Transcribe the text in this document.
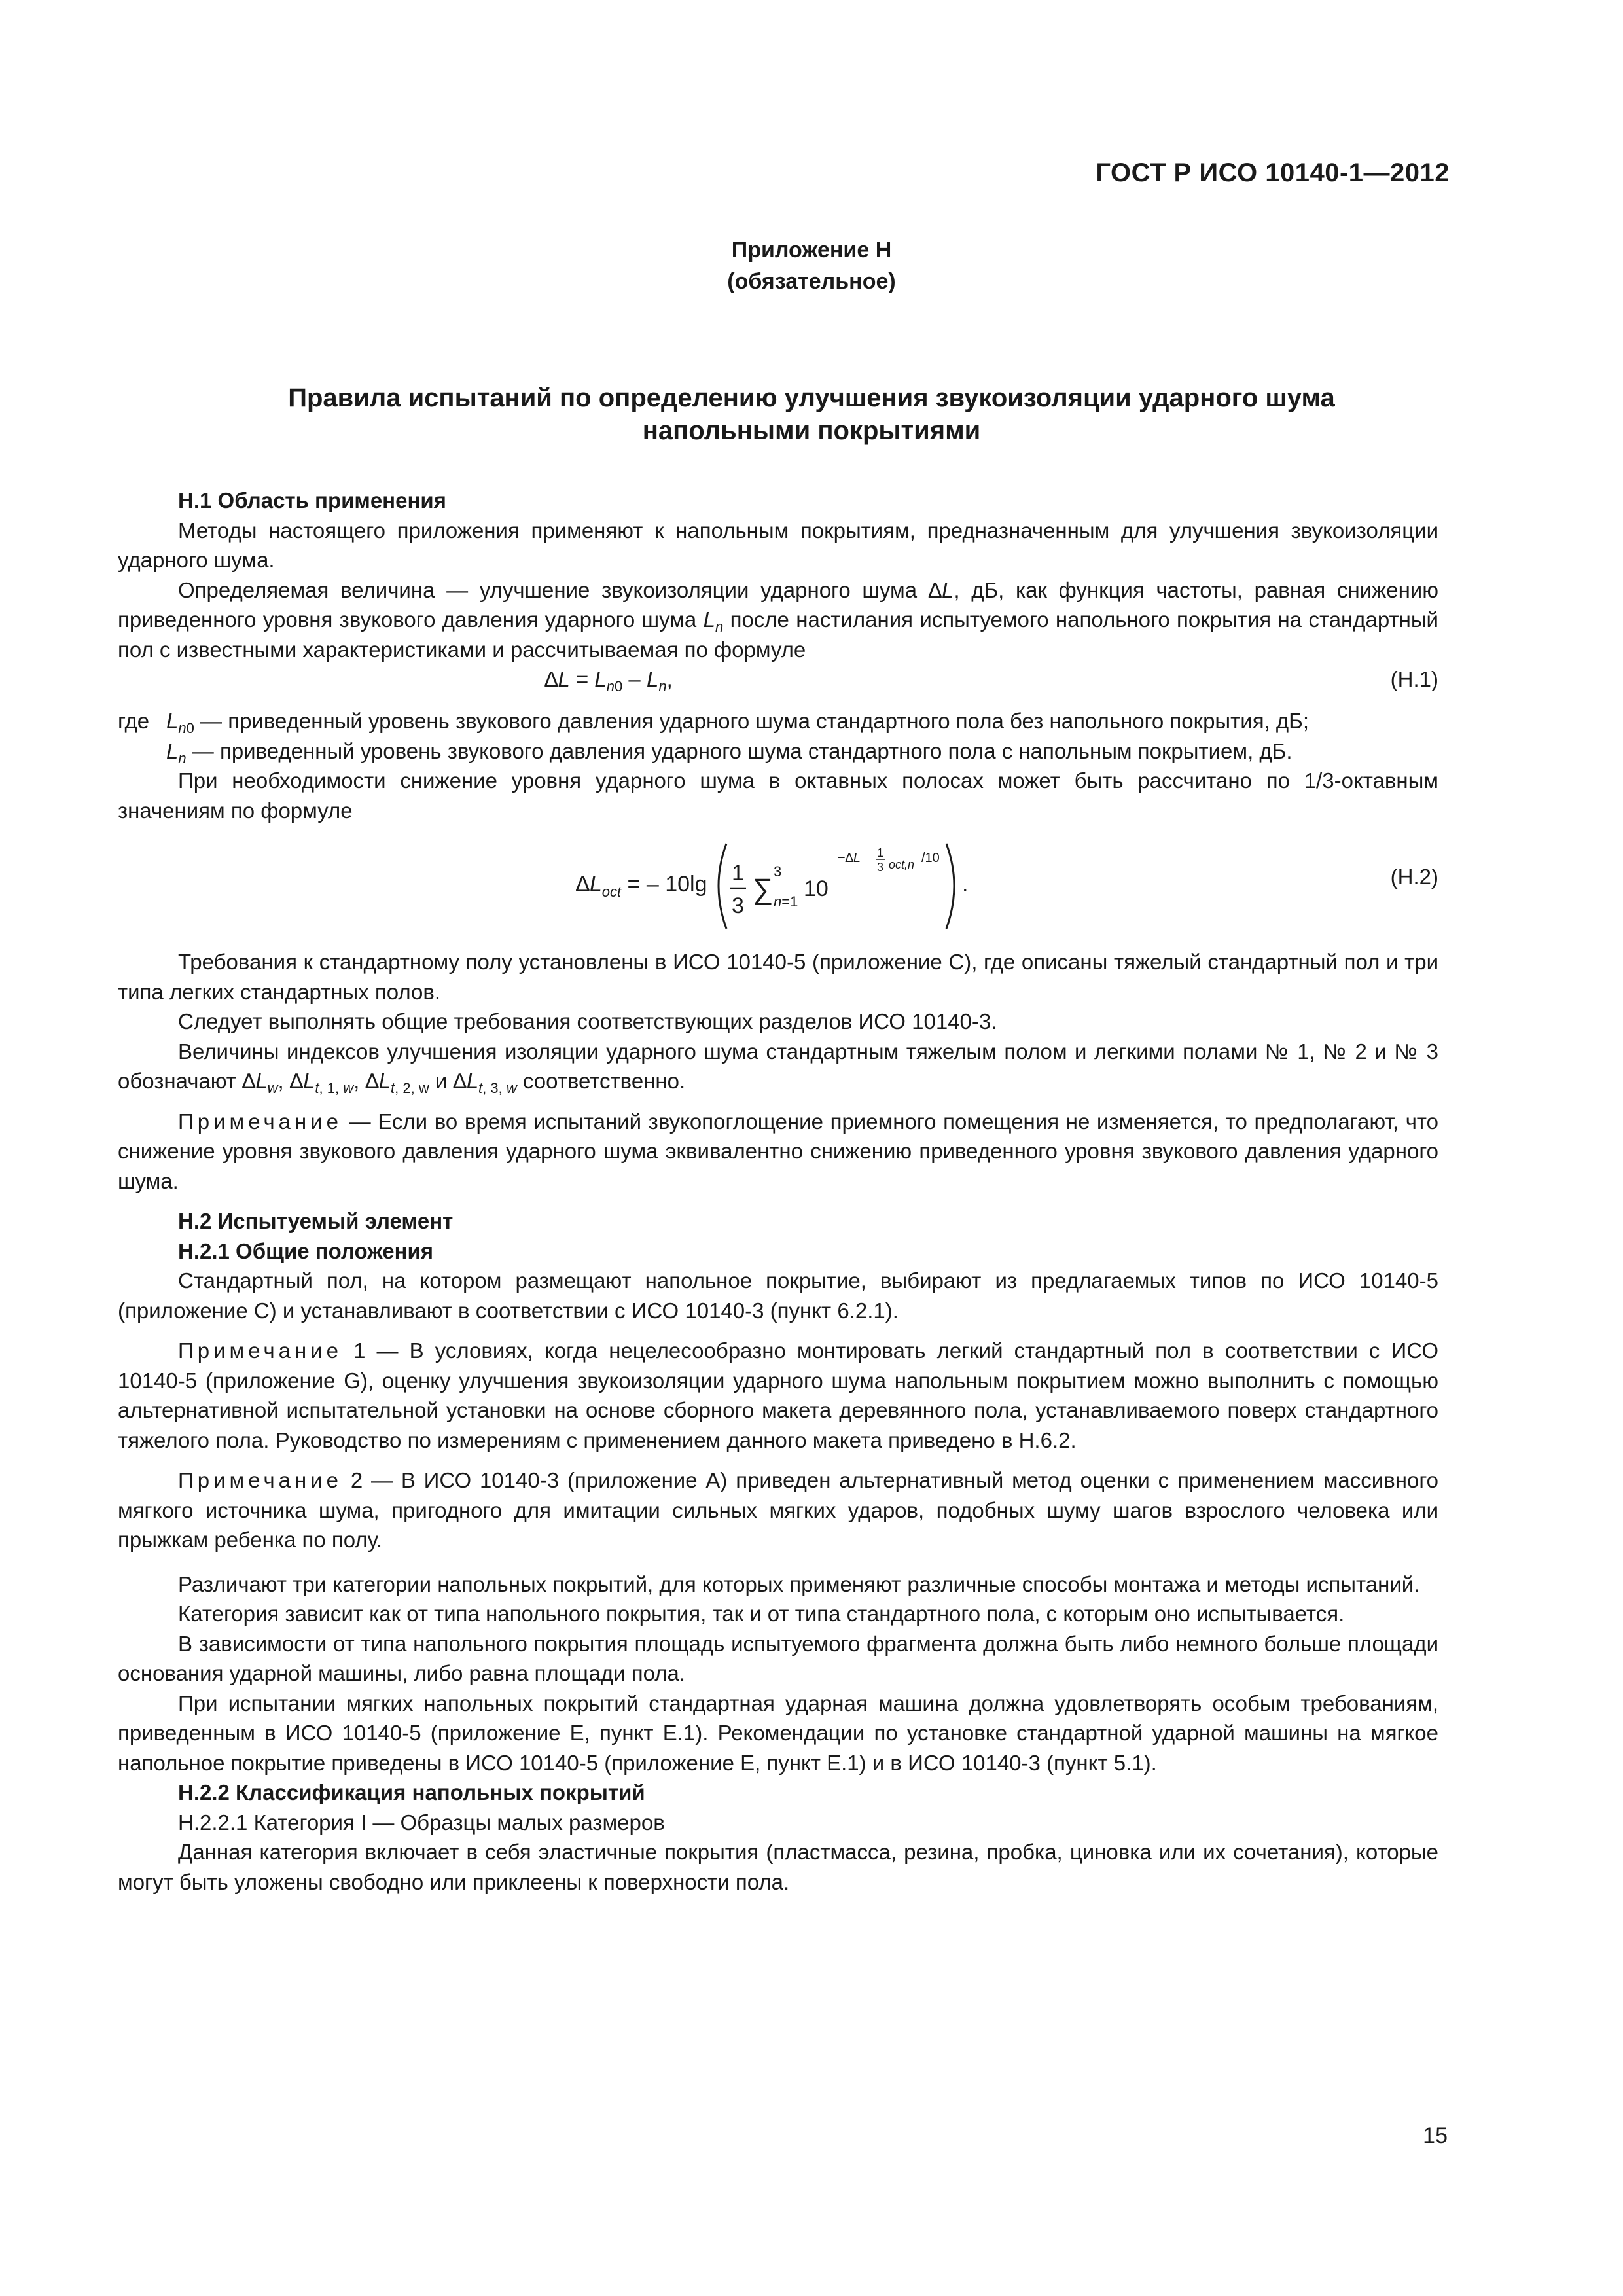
ГОСТ Р ИСО 10140-1—2012
Приложение Н
(обязательное)
Правила испытаний по определению улучшения звукоизоляции ударного шума
напольными покрытиями
Н.1 Область применения

Методы настоящего приложения применяют к напольным покрытиям, предназначенным для улучшения звукоизоляции ударного шума.

Определяемая величина — улучшение звукоизоляции ударного шума ∆L, дБ, как функция частоты, равная снижению приведенного уровня звукового давления ударного шума $L_n$ после настилания испытуемого напольного покрытия на стандартный пол с известными характеристиками и рассчитываемая по формуле

$\Delta L = L_{n0} - L_n$,	(Н.1)
где $L_{n0}$ — приведенный уровень звукового давления ударного шума стандартного пола без напольного покрытия, дБ;
$L_n$ — приведенный уровень звукового давления ударного шума стандартного пола с напольным покрытием, дБ.

При необходимости снижение уровня ударного шума в октавных полосах может быть рассчитано по 1/3-октавным значениям по формуле

$\Delta L_{oct}$ = – 10lg 1
3
∑
3
n=1
10
−∆L 1
3 oct,n /10
.	(Н.2)

Требования к стандартному полу установлены в ИСО 10140-5 (приложение С), где описаны тяжелый стандартный пол и три типа легких стандартных полов.

Следует выполнять общие требования соответствующих разделов ИСО 10140-3.

Величины индексов улучшения изоляции ударного шума стандартным тяжелым полом и легкими полами № 1, № 2 и № 3 обозначают $\Delta L_w$, $\Delta L_{t, 1, w}$, $\Delta L_{t, 2, w}$ и $\Delta L_{t, 3, w}$ соответственно.

Примечание — Если во время испытаний звукопоглощение приемного помещения не изменяется, то предполагают, что снижение уровня звукового давления ударного шума эквивалентно снижению приведенного уровня звукового давления ударного шума.

Н.2 Испытуемый элемент
Н.2.1 Общие положения

Стандартный пол, на котором размещают напольное покрытие, выбирают из предлагаемых типов по ИСО 10140-5 (приложение С) и устанавливают в соответствии с ИСО 10140-3 (пункт 6.2.1).

Примечание 1 — В условиях, когда нецелесообразно монтировать легкий стандартный пол в соответствии с ИСО 10140-5 (приложение G), оценку улучшения звукоизоляции ударного шума напольным покрытием можно выполнить с помощью альтернативной испытательной установки на основе сборного макета деревянного пола, устанавливаемого поверх стандартного тяжелого пола. Руководство по измерениям с применением данного макета приведено в Н.6.2.

Примечание 2 — В ИСО 10140-3 (приложение А) приведен альтернативный метод оценки с применением массивного мягкого источника шума, пригодного для имитации сильных мягких ударов, подобных шуму шагов взрослого человека или прыжкам ребенка по полу.

Различают три категории напольных покрытий, для которых применяют различные способы монтажа и методы испытаний.

Категория зависит как от типа напольного покрытия, так и от типа стандартного пола, с которым оно испытывается.

В зависимости от типа напольного покрытия площадь испытуемого фрагмента должна быть либо немного больше площади основания ударной машины, либо равна площади пола.

При испытании мягких напольных покрытий стандартная ударная машина должна удовлетворять особым требованиям, приведенным в ИСО 10140-5 (приложение Е, пункт Е.1). Рекомендации по установке стандартной ударной машины на мягкое напольное покрытие приведены в ИСО 10140-5 (приложение Е, пункт Е.1) и в ИСО 10140-3 (пункт 5.1).

Н.2.2 Классификация напольных покрытий

Н.2.2.1 Категория I — Образцы малых размеров

Данная категория включает в себя эластичные покрытия (пластмасса, резина, пробка, циновка или их сочетания), которые могут быть уложены свободно или приклеены к поверхности пола.

15
